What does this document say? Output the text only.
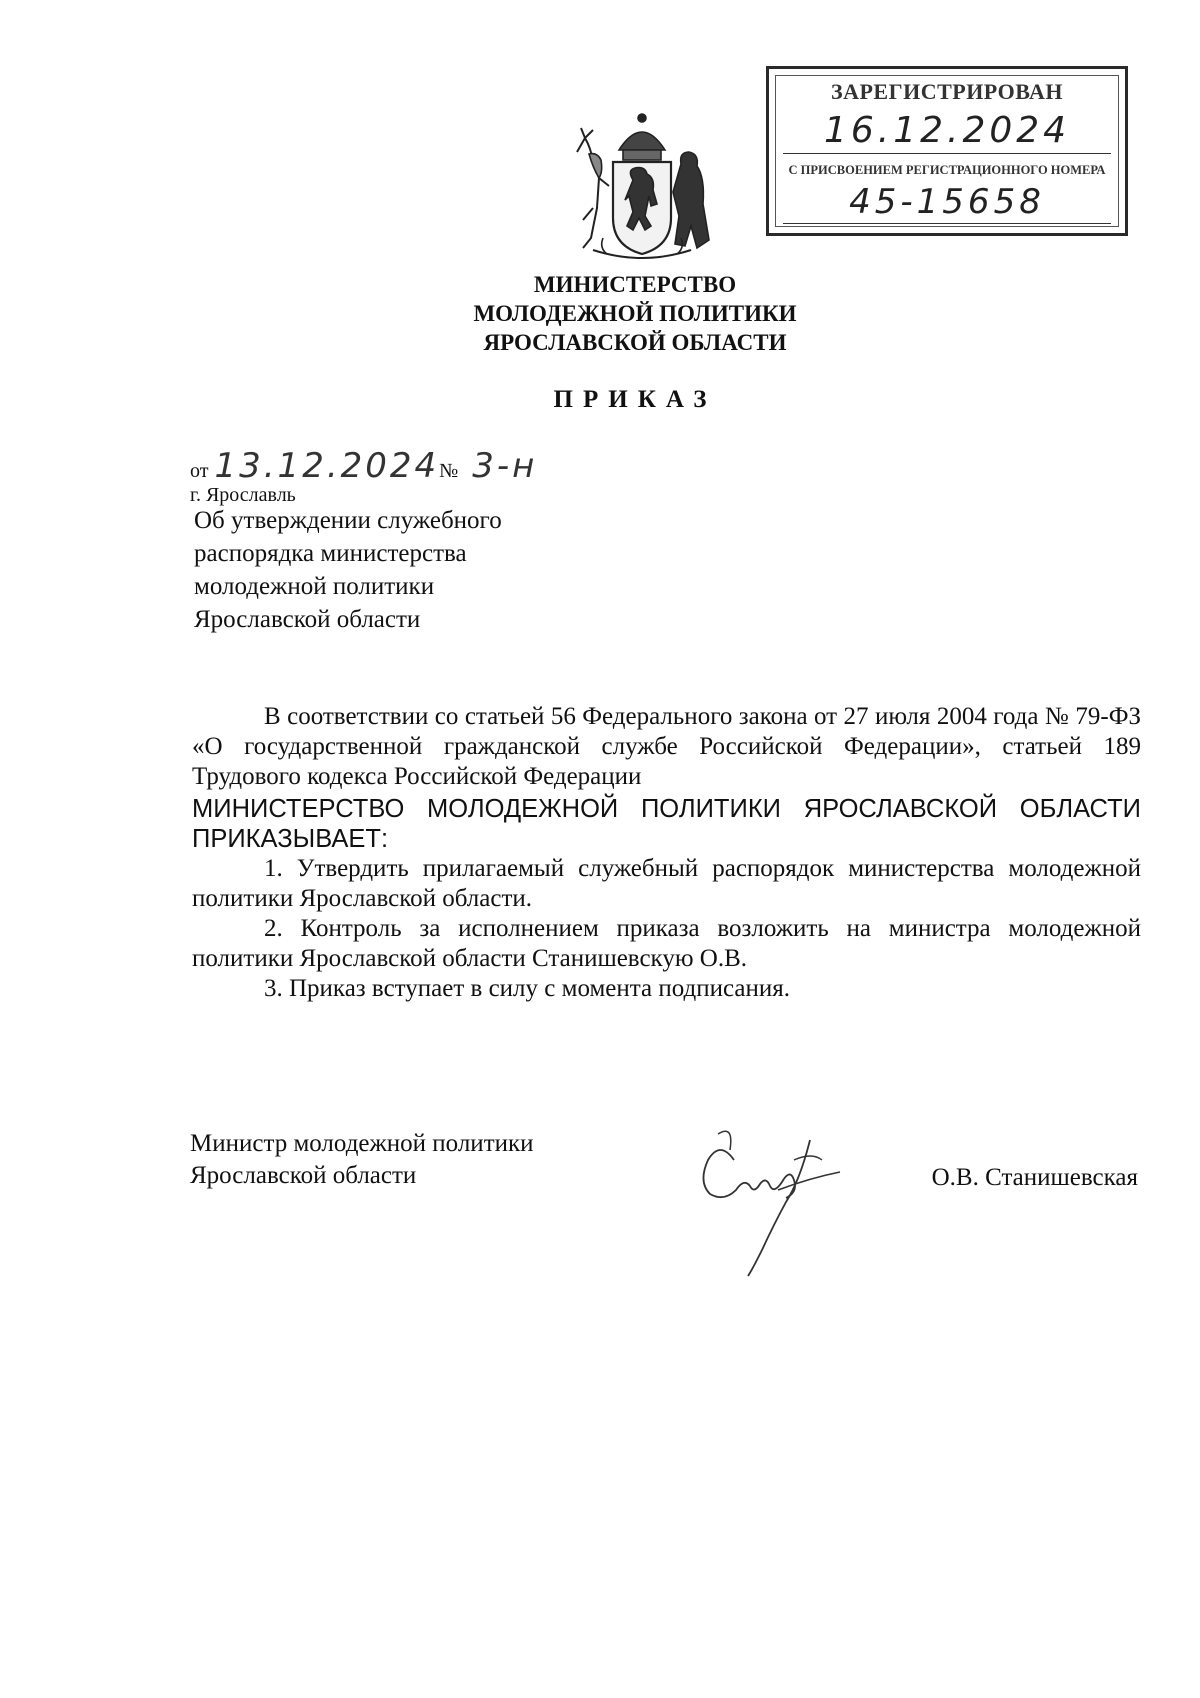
ЗАРЕГИСТРИРОВАН
16.12.2024
С ПРИСВОЕНИЕМ РЕГИСТРАЦИОННОГО НОМЕРА
45-15658
МИНИСТЕРСТВО
МОЛОДЕЖНОЙ ПОЛИТИКИ
ЯРОСЛАВСКОЙ ОБЛАСТИ
ПРИКАЗ
от 13.12.2024 № 3-н
г. Ярославль
Об утверждении служебного
распорядка министерства
молодежной политики
Ярославской области

В соответствии со статьей 56 Федерального закона от 27 июля 2004 года № 79-ФЗ «О государственной гражданской службе Российской Федерации», статьей 189 Трудового кодекса Российской Федерации

МИНИСТЕРСТВО МОЛОДЕЖНОЙ ПОЛИТИКИ ЯРОСЛАВСКОЙ ОБЛАСТИ ПРИКАЗЫВАЕТ:

1. Утвердить прилагаемый служебный распорядок министерства молодежной политики Ярославской области.

2. Контроль за исполнением приказа возложить на министра молодежной политики Ярославской области Станишевскую О.В.

3. Приказ вступает в силу с момента подписания.

Министр молодежной политики
Ярославской области	О.В. Станишевская
